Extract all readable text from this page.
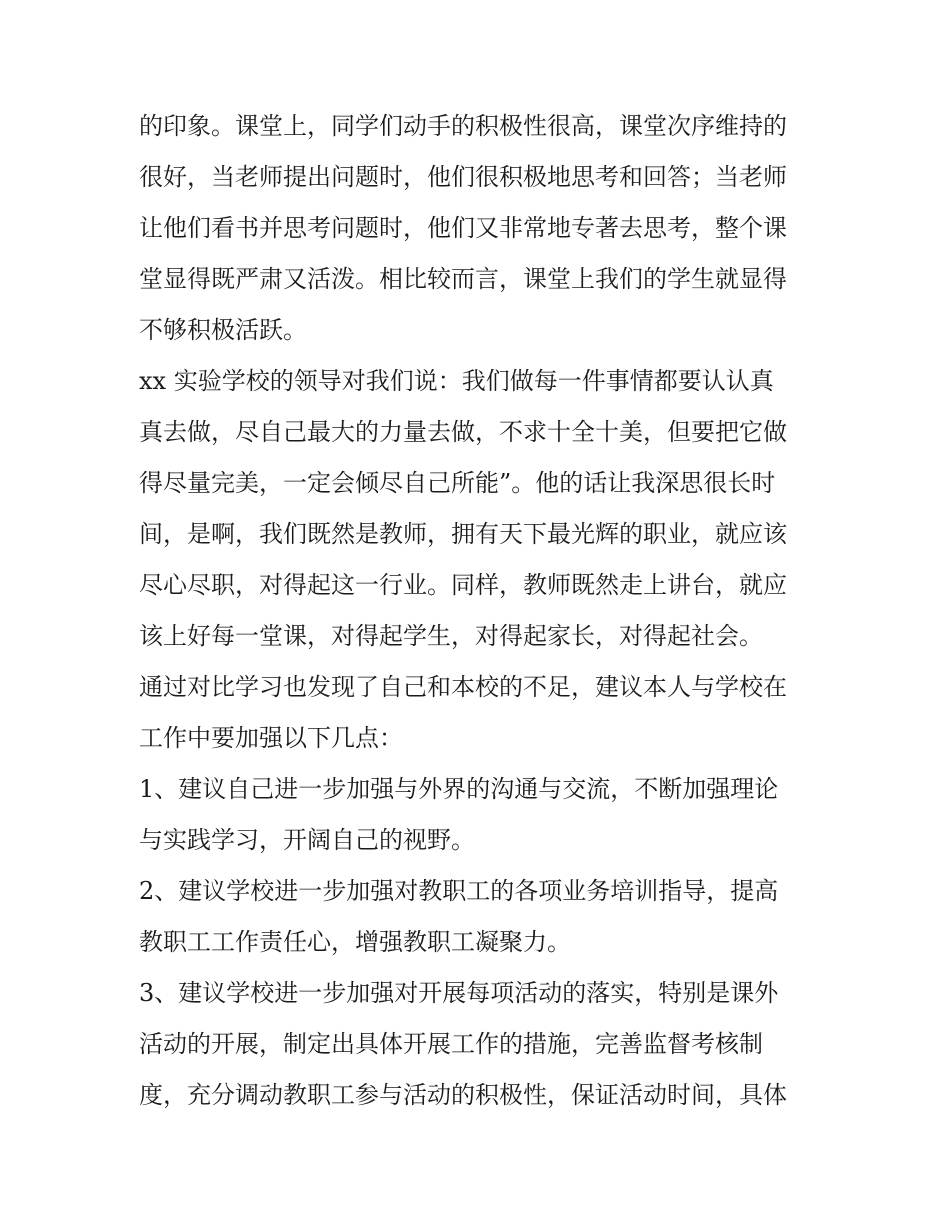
的印象。课堂上，同学们动手的积极性很高，课堂次序维持的
很好，当老师提出问题时，他们很积极地思考和回答；当老师
让他们看书并思考问题时，他们又非常地专著去思考，整个课
堂显得既严肃又活泼。相比较而言，课堂上我们的学生就显得
不够积极活跃。
xx 实验学校的领导对我们说：我们做每一件事情都要认认真
真去做，尽自己最大的力量去做，不求十全十美，但要把它做
得尽量完美，一定会倾尽自己所能”。他的话让我深思很长时
间，是啊，我们既然是教师，拥有天下最光辉的职业，就应该
尽心尽职，对得起这一行业。同样，教师既然走上讲台，就应
该上好每一堂课，对得起学生，对得起家长，对得起社会。
通过对比学习也发现了自己和本校的不足，建议本人与学校在
工作中要加强以下几点：
1、建议自己进一步加强与外界的沟通与交流，不断加强理论
与实践学习，开阔自己的视野。
2、建议学校进一步加强对教职工的各项业务培训指导，提高
教职工工作责任心，增强教职工凝聚力。
3、建议学校进一步加强对开展每项活动的落实，特别是课外
活动的开展，制定出具体开展工作的措施，完善监督考核制
度，充分调动教职工参与活动的积极性，保证活动时间，具体
